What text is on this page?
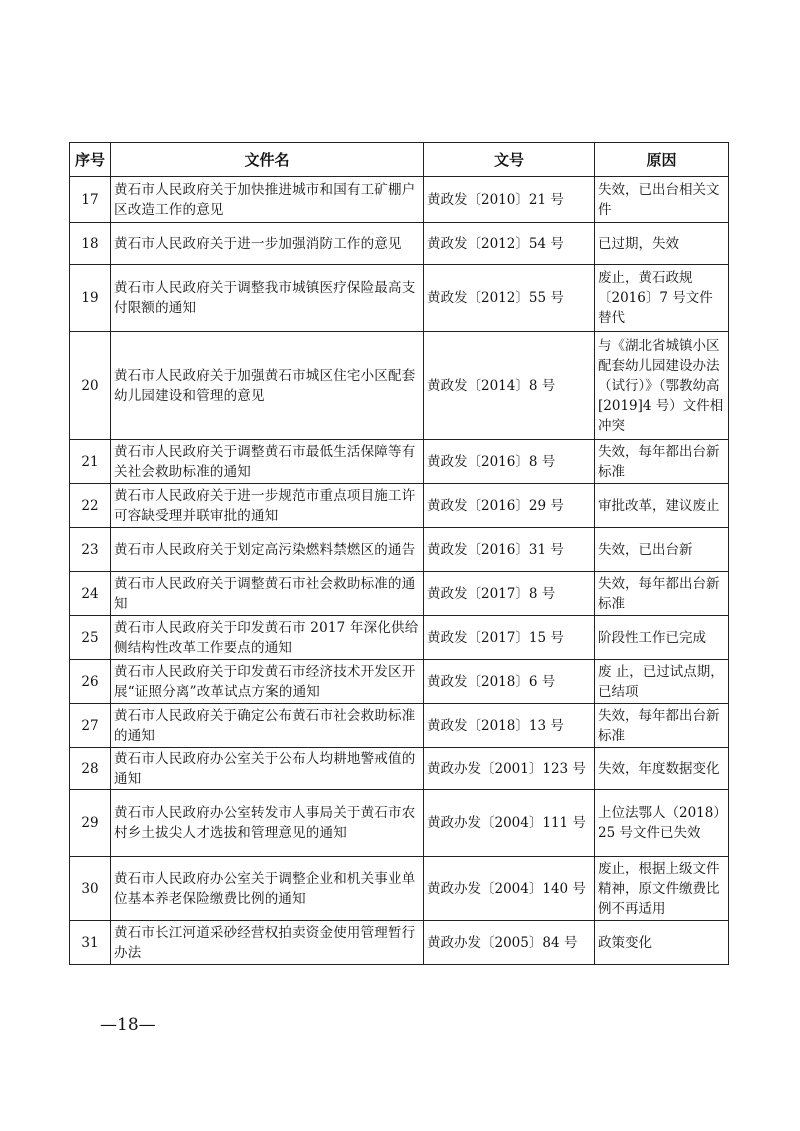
序号	文件名	文号	原因
17	黄石市人民政府关于加快推进城市和国有工矿棚户区改造工作的意见	黄政发〔2010〕21 号	失效，已出台相关文件
18	黄石市人民政府关于进一步加强消防工作的意见	黄政发〔2012〕54 号	已过期，失效
19	黄石市人民政府关于调整我市城镇医疗保险最高支付限额的通知	黄政发〔2012〕55 号	废止，黄石政规〔2016〕7 号文件替代
20	黄石市人民政府关于加强黄石市城区住宅小区配套幼儿园建设和管理的意见	黄政发〔2014〕8 号	与《湖北省城镇小区配套幼儿园建设办法（试行）》（鄂教幼高[2019]4 号）文件相冲突
21	黄石市人民政府关于调整黄石市最低生活保障等有关社会救助标准的通知	黄政发〔2016〕8 号	失效，每年都出台新标准
22	黄石市人民政府关于进一步规范市重点项目施工许可容缺受理并联审批的通知	黄政发〔2016〕29 号	审批改革，建议废止
23	黄石市人民政府关于划定高污染燃料禁燃区的通告	黄政发〔2016〕31 号	失效，已出台新
24	黄石市人民政府关于调整黄石市社会救助标准的通知	黄政发〔2017〕8 号	失效，每年都出台新标准
25	黄石市人民政府关于印发黄石市 2017 年深化供给侧结构性改革工作要点的通知	黄政发〔2017〕15 号	阶段性工作已完成
26	黄石市人民政府关于印发黄石市经济技术开发区开展“证照分离”改革试点方案的通知	黄政发〔2018〕6 号	废 止，已过试点期，已结项
27	黄石市人民政府关于确定公布黄石市社会救助标准的通知	黄政发〔2018〕13 号	失效，每年都出台新标准
28	黄石市人民政府办公室关于公布人均耕地警戒值的通知	黄政办发〔2001〕123 号	失效，年度数据变化
29	黄石市人民政府办公室转发市人事局关于黄石市农村乡土拔尖人才选拔和管理意见的通知	黄政办发〔2004〕111 号	上位法鄂人（2018）25 号文件已失效
30	黄石市人民政府办公室关于调整企业和机关事业单位基本养老保险缴费比例的通知	黄政办发〔2004〕140 号	废止，根据上级文件精神，原文件缴费比例不再适用
31	黄石市长江河道采砂经营权拍卖资金使用管理暂行办法	黄政办发〔2005〕84 号	政策变化
—18—
